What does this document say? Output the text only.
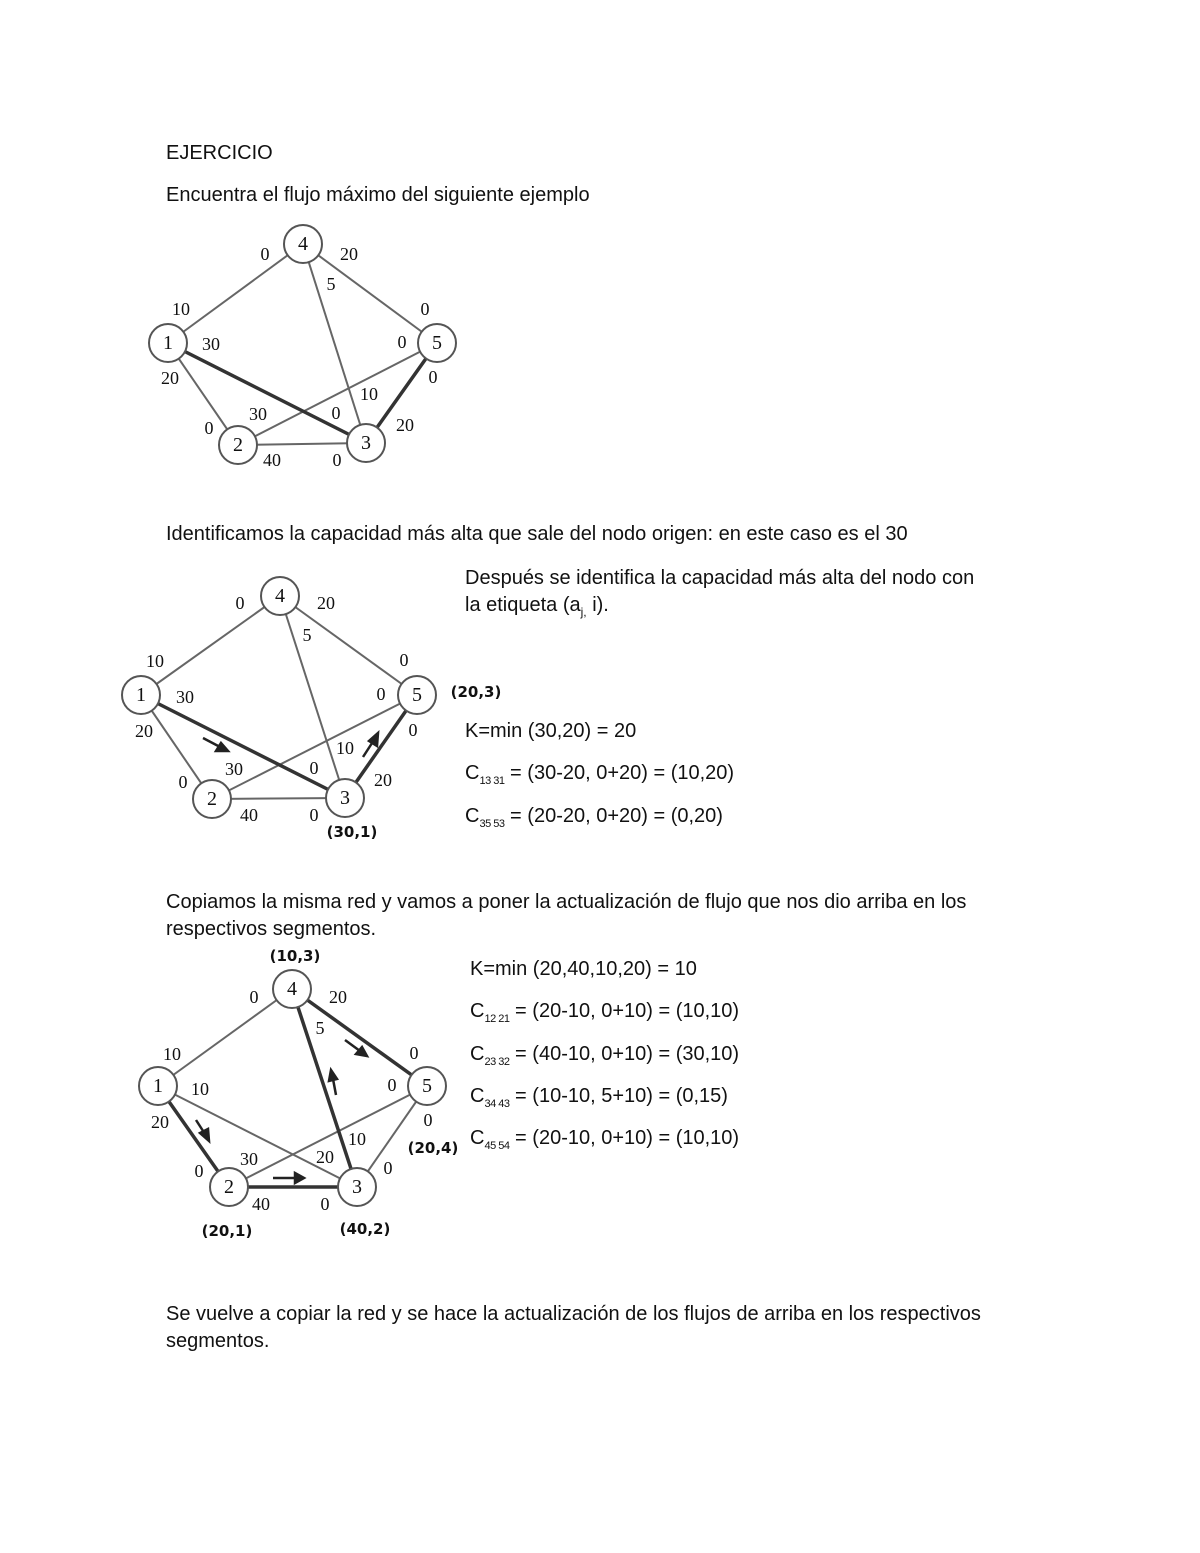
EJERCICIO

Encuentra el flujo máximo del siguiente ejemplo

1
2	3
4
5
0	20
5
10	0
30	0
20	0
30
10
0
0
40	0
20

Identificamos la capacidad más alta que sale del nodo origen: en este caso es el 30

1
2	3
4
5
0	20
5
10	0
30	0
20	0
30
10
0
0
40	0
20
(20,3)
(30,1)

Después se identifica la capacidad más alta del nodo con

la etiqueta ($a_{j,}$ i).

K=min (30,20) = 20
$C_{13 31} = (30-20$, 0+20) = (10,20)
$C_{35 53} = (20-20$, 0+20) = (0,20)

Copiamos la misma red y vamos a poner la actualización de flujo que nos dio arriba en los respectivos segmentos.

1
2	3
4
5
0	20
5
10	0
10	0
20	0
30
10
20
0
40	0
0
(10,3)
(20,4)
(20,1)	(40,2)
K=min (20,40,10,20) = 10
$C_{12 21} = (20-10$, 0+10) = (10,10)
$C_{23 32} = (40-10$, 0+10) = (30,10)
$C_{34 43} = (10-10$, 5+10) = (0,15)
$C_{45 54} = (20-10$, 0+10) = (10,10)

Se vuelve a copiar la red y se hace la actualización de los flujos de arriba en los respectivos segmentos.
